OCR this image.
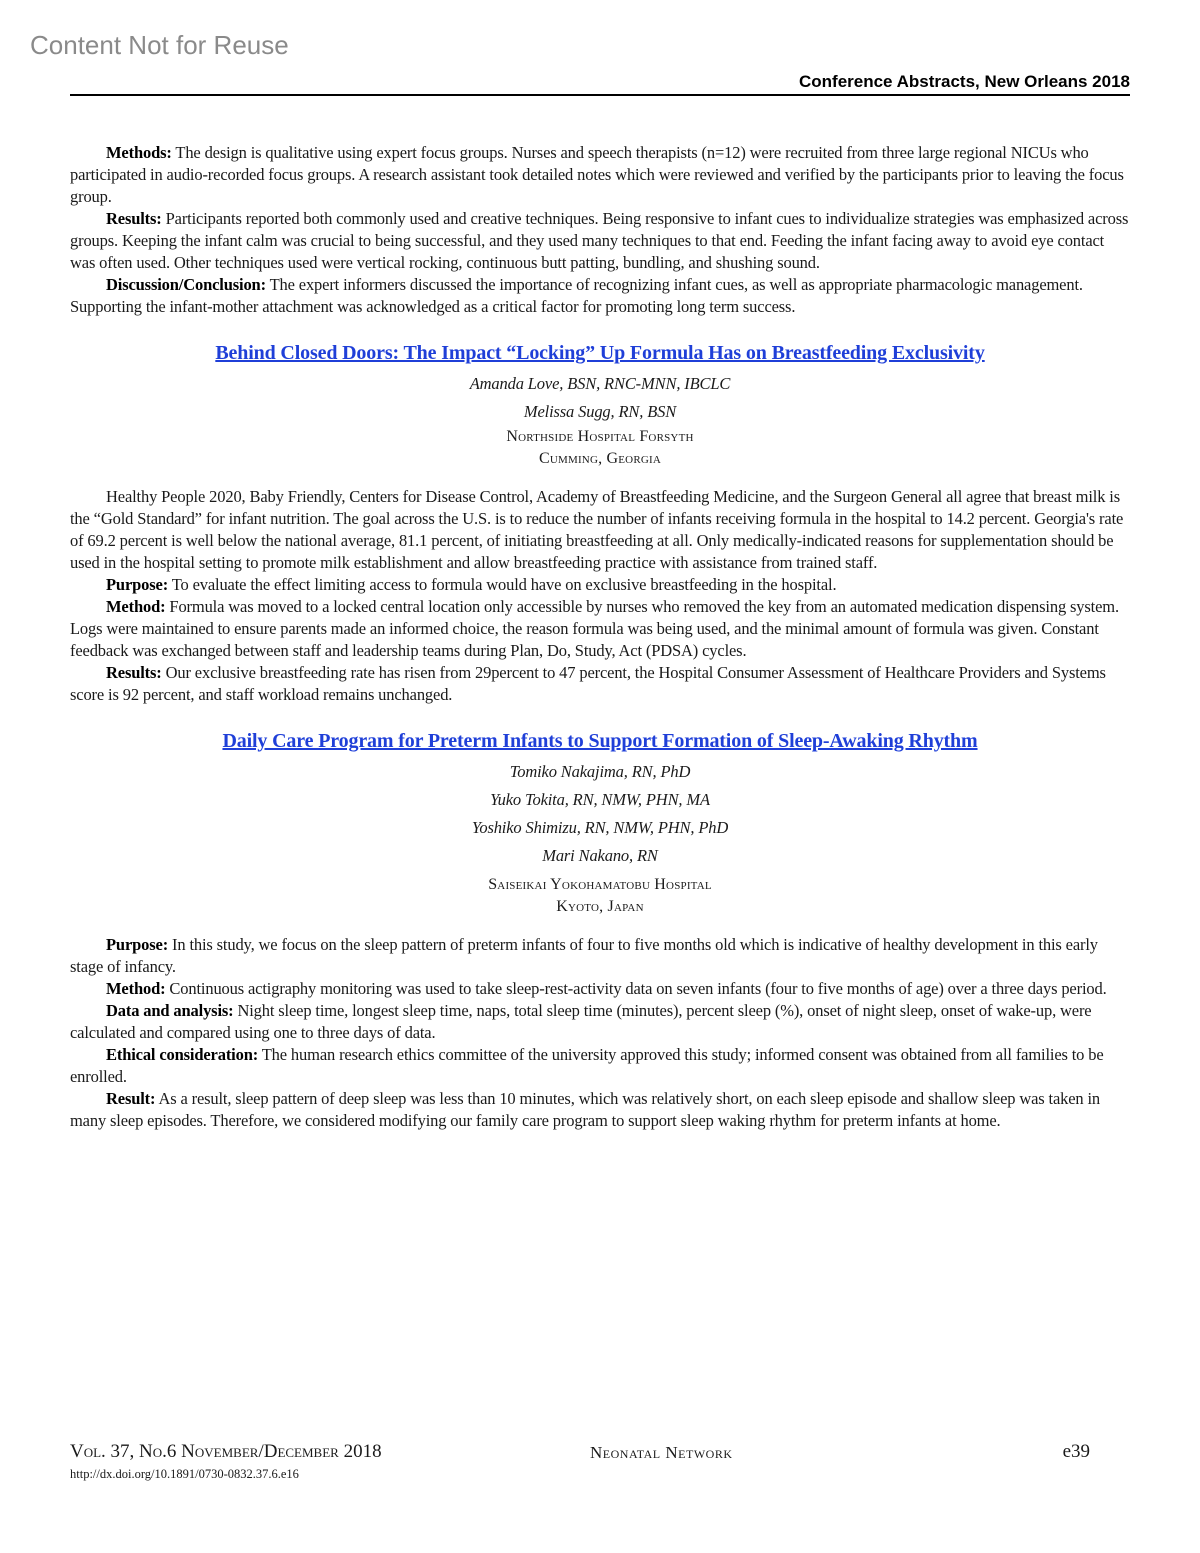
Content Not for Reuse
Conference Abstracts, New Orleans 2018

Methods: The design is qualitative using expert focus groups. Nurses and speech therapists (n=12) were recruited from three large regional NICUs who participated in audio-recorded focus groups. A research assistant took detailed notes which were reviewed and verified by the participants prior to leaving the focus group.

Results: Participants reported both commonly used and creative techniques. Being responsive to infant cues to individualize strategies was emphasized across groups. Keeping the infant calm was crucial to being successful, and they used many techniques to that end. Feeding the infant facing away to avoid eye contact was often used. Other techniques used were vertical rocking, continuous butt patting, bundling, and shushing sound.

Discussion/Conclusion: The expert informers discussed the importance of recognizing infant cues, as well as appropriate pharmacologic management. Supporting the infant-mother attachment was acknowledged as a critical factor for promoting long term success.

Behind Closed Doors: The Impact “Locking” Up Formula Has on Breastfeeding Exclusivity
Amanda Love, BSN, RNC-MNN, IBCLC
Melissa Sugg, RN, BSN
Northside Hospital Forsyth
Cumming, Georgia

Healthy People 2020, Baby Friendly, Centers for Disease Control, Academy of Breastfeeding Medicine, and the Surgeon General all agree that breast milk is the “Gold Standard” for infant nutrition. The goal across the U.S. is to reduce the number of infants receiving formula in the hospital to 14.2 percent. Georgia's rate of 69.2 percent is well below the national average, 81.1 percent, of initiating breastfeeding at all. Only medically-indicated reasons for supplementation should be used in the hospital setting to promote milk establishment and allow breastfeeding practice with assistance from trained staff.

Purpose: To evaluate the effect limiting access to formula would have on exclusive breastfeeding in the hospital.

Method: Formula was moved to a locked central location only accessible by nurses who removed the key from an automated medication dispensing system. Logs were maintained to ensure parents made an informed choice, the reason formula was being used, and the minimal amount of formula was given. Constant feedback was exchanged between staff and leadership teams during Plan, Do, Study, Act (PDSA) cycles.

Results: Our exclusive breastfeeding rate has risen from 29percent to 47 percent, the Hospital Consumer Assessment of Healthcare Providers and Systems score is 92 percent, and staff workload remains unchanged.

Daily Care Program for Preterm Infants to Support Formation of Sleep-Awaking Rhythm
Tomiko Nakajima, RN, PhD
Yuko Tokita, RN, NMW, PHN, MA
Yoshiko Shimizu, RN, NMW, PHN, PhD
Mari Nakano, RN
Saiseikai Yokohamatobu Hospital
Kyoto, Japan

Purpose: In this study, we focus on the sleep pattern of preterm infants of four to five months old which is indicative of healthy development in this early stage of infancy.

Method: Continuous actigraphy monitoring was used to take sleep-rest-activity data on seven infants (four to five months of age) over a three days period.

Data and analysis: Night sleep time, longest sleep time, naps, total sleep time (minutes), percent sleep (%), onset of night sleep, onset of wake-up, were calculated and compared using one to three days of data.

Ethical consideration: The human research ethics committee of the university approved this study; informed consent was obtained from all families to be enrolled.

Result: As a result, sleep pattern of deep sleep was less than 10 minutes, which was relatively short, on each sleep episode and shallow sleep was taken in many sleep episodes. Therefore, we considered modifying our family care program to support sleep waking rhythm for preterm infants at home.

Vol. 37, No.6 November/December 2018	Neonatal Network	e39
http://dx.doi.org/10.1891/0730-0832.37.6.e16
